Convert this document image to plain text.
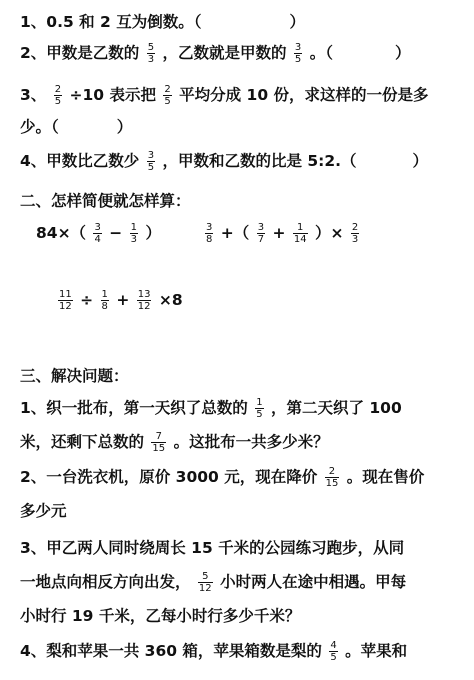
1、0.5 和 2 互为倒数。（	）
2、甲数是乙数的 $\frac{5}{3}$ ，乙数就是甲数的 $\frac{3}{5}$ 。（	）
3、 $\frac{2}{5} \div 10$ 表示把 $\frac{2}{5}$ 平均分成 10 份，求这样的一份是多
少。（	）
4、甲数比乙数少 $\frac{3}{5}$ ，甲数和乙数的比是 5:2.（	）
二、怎样简便就怎样算：
$84\times( \frac{3}{4} - \frac{1}{3}$ ）	$\frac{3}{8}$ +（ $\frac{3}{7} + \frac{1}{14}$ ）× $\frac{2}{3}$
$\frac{11}{12} \div \frac{1}{8} + \frac{13}{12} \times 8$
三、解决问题：
1、织一批布，第一天织了总数的 $\frac{1}{5}$ ，第二天织了 100
米，还剩下总数的 $\frac{7}{15}$ 。这批布一共多少米？
2、一台洗衣机，原价 3000 元，现在降价 $\frac{2}{15}$ 。现在售价
多少元
3、甲乙两人同时绕周长 15 千米的公园练习跑步，从同
一地点向相反方向出发， $\frac{5}{12}$ 小时两人在途中相遇。甲每
小时行 19 千米，乙每小时行多少千米？
4、梨和苹果一共 360 箱，苹果箱数是梨的 $\frac{4}{5}$ 。苹果和
